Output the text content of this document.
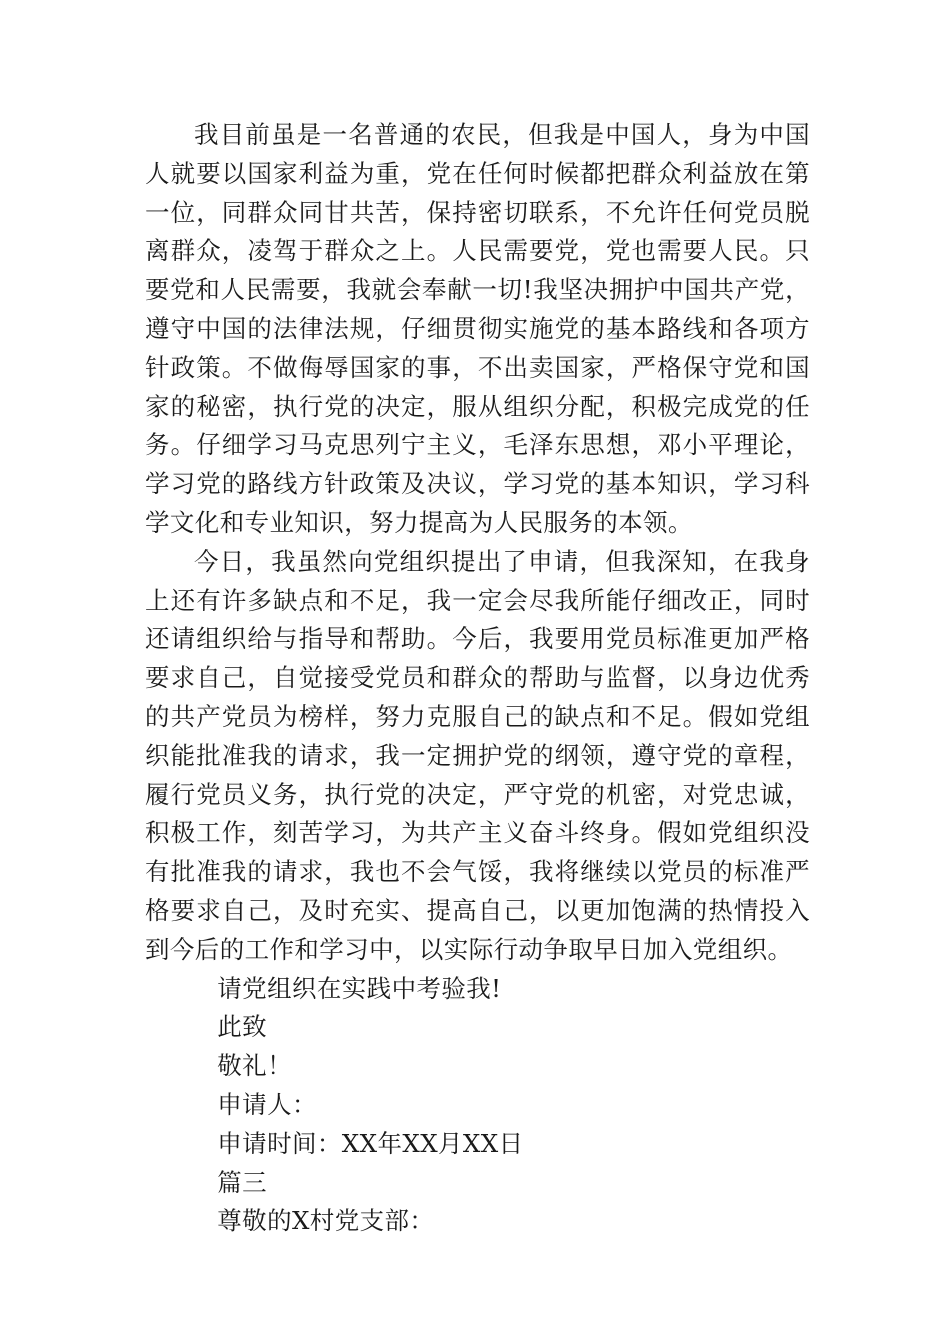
我目前虽是一名普通的农民，但我是中国人，身为中国人就要以国家利益为重，党在任何时候都把群众利益放在第一位，同群众同甘共苦，保持密切联系，不允许任何党员脱离群众，凌驾于群众之上。人民需要党，党也需要人民。只要党和人民需要，我就会奉献一切!我坚决拥护中国共产党，遵守中国的法律法规，仔细贯彻实施党的基本路线和各项方针政策。不做侮辱国家的事，不出卖国家，严格保守党和国家的秘密，执行党的决定，服从组织分配，积极完成党的任务。仔细学习马克思列宁主义，毛泽东思想，邓小平理论，学习党的路线方针政策及决议，学习党的基本知识，学习科学文化和专业知识，努力提高为人民服务的本领。

今日，我虽然向党组织提出了申请，但我深知，在我身上还有许多缺点和不足，我一定会尽我所能仔细改正，同时还请组织给与指导和帮助。今后，我要用党员标准更加严格要求自己，自觉接受党员和群众的帮助与监督，以身边优秀的共产党员为榜样，努力克服自己的缺点和不足。假如党组织能批准我的请求，我一定拥护党的纲领，遵守党的章程，履行党员义务，执行党的决定，严守党的机密，对党忠诚，积极工作，刻苦学习，为共产主义奋斗终身。假如党组织没有批准我的请求，我也不会气馁，我将继续以党员的标准严格要求自己，及时充实、提高自己，以更加饱满的热情投入到今后的工作和学习中，以实际行动争取早日加入党组织。

请党组织在实践中考验我!

此致

敬礼！

申请人：

申请时间：XX年XX月XX日

篇三

尊敬的X村党支部：
